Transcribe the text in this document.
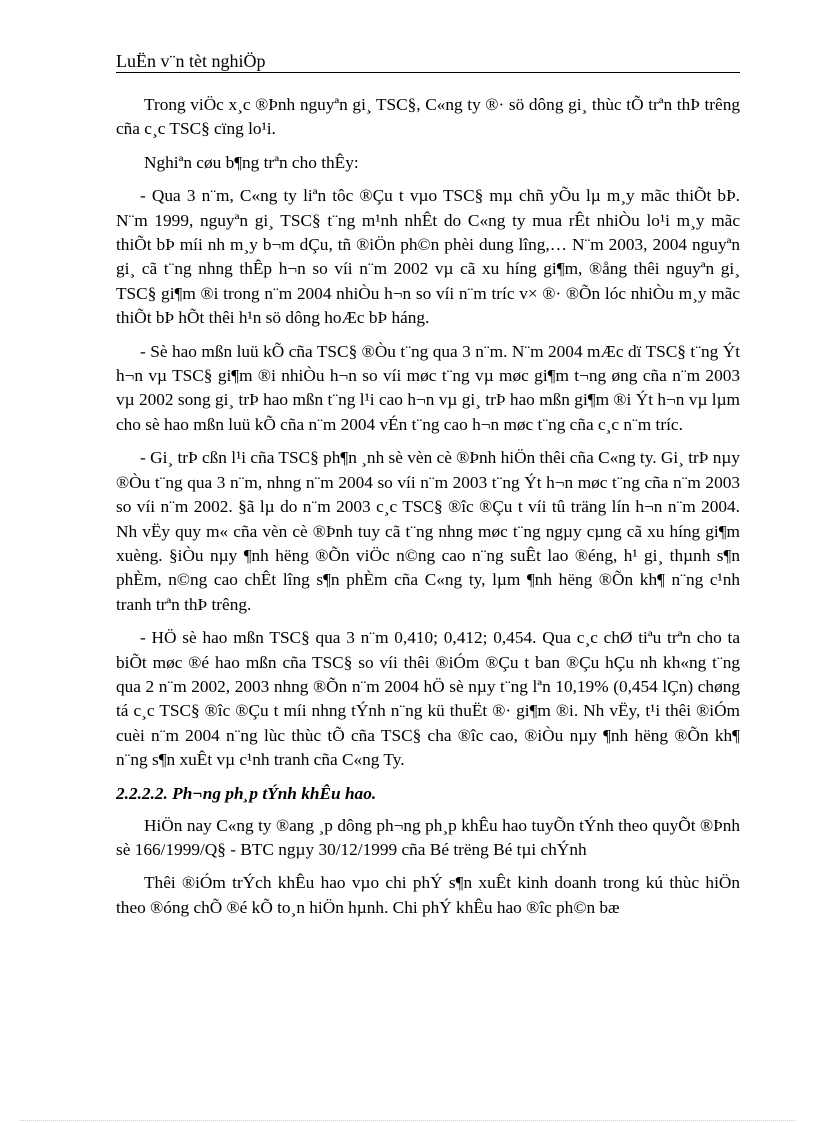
LuËn v¨n tèt nghiÖp

Trong viÖc x¸c ®Þnh nguyªn gi¸ TSC§, C«ng ty ®· sö dông gi¸ thùc tÕ trªn thÞ trêng cña c¸c TSC§ cïng lo¹i.

Nghiªn cøu b¶ng trªn cho thÊy:

- Qua 3 n¨m, C«ng ty liªn tôc ®Çu t vµo TSC§ mµ chñ yÕu lµ m¸y mãc thiÕt bÞ. N¨m 1999, nguyªn gi¸ TSC§ t¨ng m¹nh nhÊt do C«ng ty mua rÊt nhiÒu lo¹i m¸y mãc thiÕt bÞ míi nh m¸y b¬m dÇu, tñ ®iÖn ph©n phèi dung lîng,… N¨m 2003, 2004 nguyªn gi¸ cã t¨ng nhng thÊp h¬n so víi n¨m 2002 vµ cã xu híng gi¶m, ®ång thêi nguyªn gi¸ TSC§ gi¶m ®i trong n¨m 2004 nhiÒu h¬n so víi n¨m tríc v× ®· ®Õn lóc nhiÒu m¸y mãc thiÕt bÞ hÕt thêi h¹n sö dông hoÆc bÞ háng.

- Sè hao mßn luü kÕ cña TSC§ ®Òu t¨ng qua 3 n¨m. N¨m 2004 mÆc dï TSC§ t¨ng Ýt h¬n vµ TSC§ gi¶m ®i nhiÒu h¬n so víi møc t¨ng vµ møc gi¶m t¬ng øng cña n¨m 2003 vµ 2002 song gi¸ trÞ hao mßn t¨ng l¹i cao h¬n vµ gi¸ trÞ hao mßn gi¶m ®i Ýt h¬n vµ lµm cho sè hao mßn luü kÕ cña n¨m 2004 vÉn t¨ng cao h¬n møc t¨ng cña c¸c n¨m tríc.

- Gi¸ trÞ cßn l¹i cña TSC§ ph¶n ¸nh sè vèn cè ®Þnh hiÖn thêi cña C«ng ty. Gi¸ trÞ nµy ®Òu t¨ng qua 3 n¨m, nhng n¨m 2004 so víi n¨m 2003 t¨ng Ýt h¬n møc t¨ng cña n¨m 2003 so víi n¨m 2002. §ã lµ do n¨m 2003 c¸c TSC§ ®îc ®Çu t víi tû träng lín h¬n n¨m 2004. Nh vËy quy m« cña vèn cè ®Þnh tuy cã t¨ng nhng møc t¨ng ngµy cµng cã xu híng gi¶m xuèng. §iÒu nµy ¶nh hëng ®Õn viÖc n©ng cao n¨ng suÊt lao ®éng, h¹ gi¸ thµnh s¶n phÈm, n©ng cao chÊt lîng s¶n phÈm cña C«ng ty, lµm ¶nh hëng ®Õn kh¶ n¨ng c¹nh tranh trªn thÞ trêng.

- HÖ sè hao mßn TSC§ qua 3 n¨m 0,410; 0,412; 0,454. Qua c¸c chØ tiªu trªn cho ta biÕt møc ®é hao mßn cña TSC§ so víi thêi ®iÓm ®Çu t ban ®Çu hÇu nh kh«ng t¨ng qua 2 n¨m 2002, 2003 nhng ®Õn n¨m 2004 hÖ sè nµy t¨ng lªn 10,19% (0,454 lÇn) chøng tá c¸c TSC§ ®îc ®Çu t míi nhng tÝnh n¨ng kü thuËt ®· gi¶m ®i. Nh vËy, t¹i thêi ®iÓm cuèi n¨m 2004 n¨ng lùc thùc tÕ cña TSC§ cha ®îc cao, ®iÒu nµy ¶nh hëng ®Õn kh¶ n¨ng s¶n xuÊt vµ c¹nh tranh cña C«ng Ty.

2.2.2.2. Ph¬ng ph¸p tÝnh khÊu hao.

HiÖn nay C«ng ty ®ang ¸p dông ph¬ng ph¸p khÊu hao tuyÕn tÝnh theo quyÕt ®Þnh sè 166/1999/Q§ - BTC ngµy 30/12/1999 cña Bé trëng Bé tµi chÝnh

Thêi ®iÓm trÝch khÊu hao vµo chi phÝ s¶n xuÊt kinh doanh trong kú thùc hiÖn theo ®óng chÕ ®é kÕ to¸n hiÖn hµnh. Chi phÝ khÊu hao ®îc ph©n bæ
